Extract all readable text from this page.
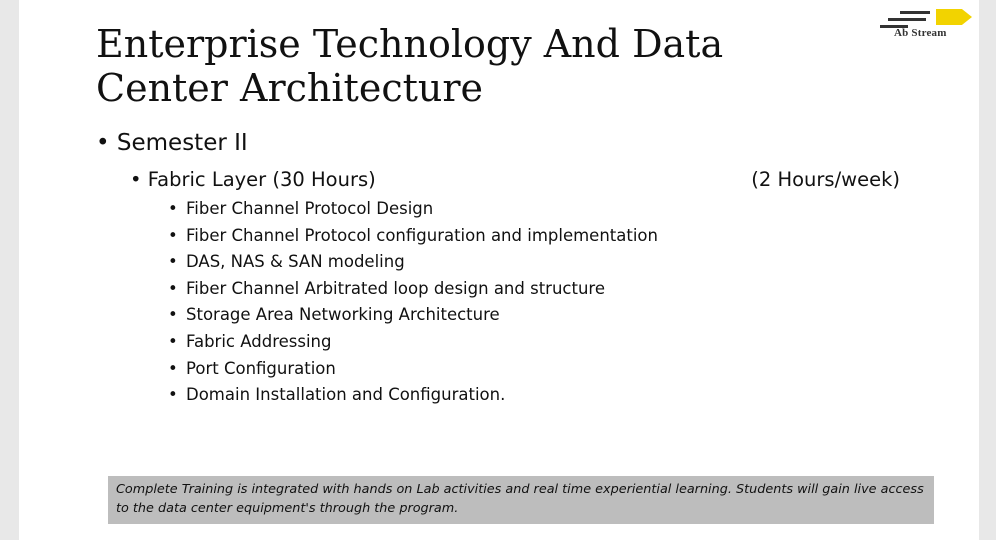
Ab Stream
Enterprise Technology And Data Center Architecture
• Semester II
• Fabric Layer (30 Hours)	(2 Hours/week)
• Fiber Channel Protocol Design
• Fiber Channel Protocol configuration and implementation
• DAS, NAS & SAN modeling
• Fiber Channel Arbitrated loop design and structure
• Storage Area Networking Architecture
• Fabric Addressing
• Port Configuration
• Domain Installation and Configuration.
Complete Training is integrated with hands on Lab activities and real time experiential learning. Students will gain live access to the data center equipment's through the program.
